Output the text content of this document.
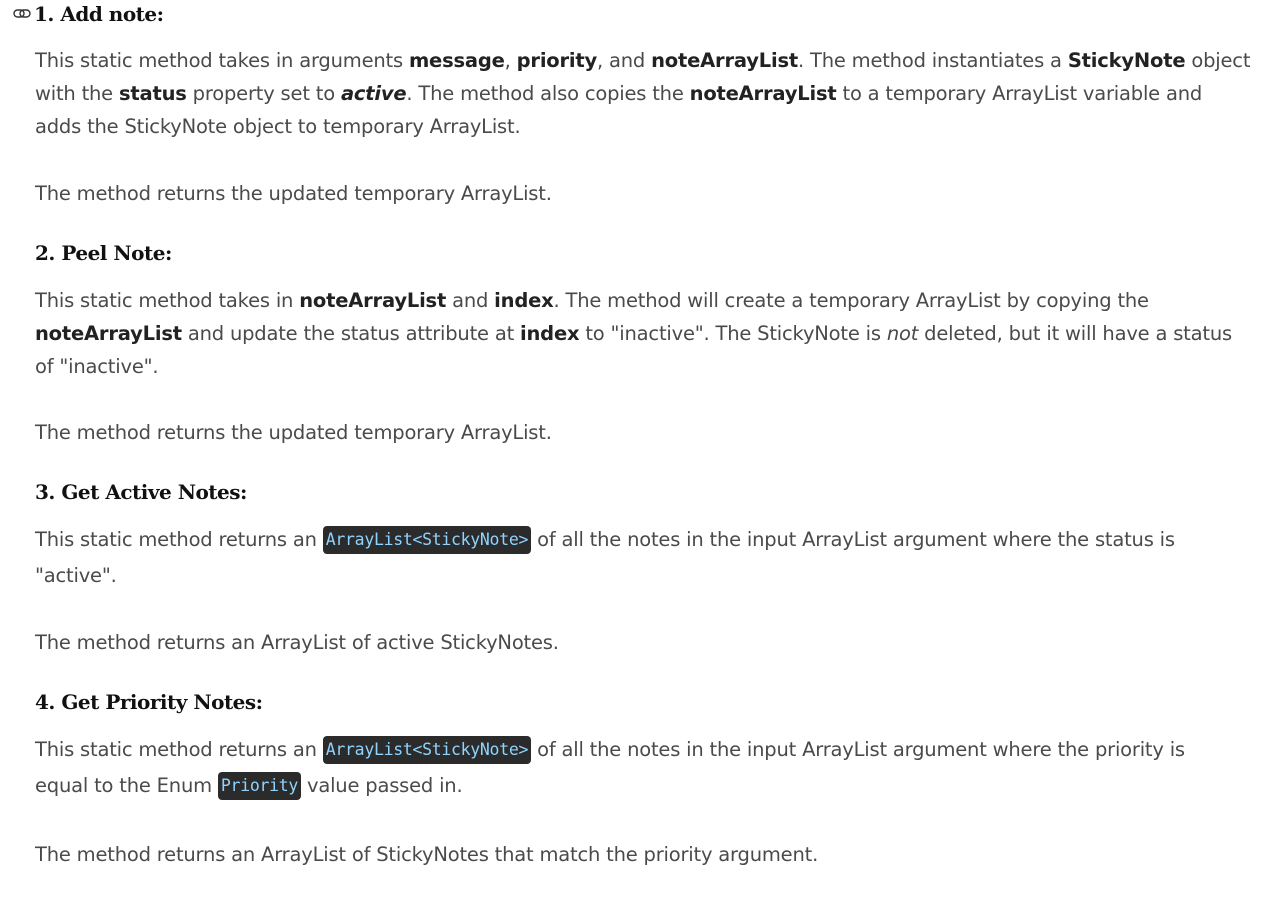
1. Add note:
This static method takes in arguments message, priority, and noteArrayList. The method instantiates a StickyNote object
with the status property set to active. The method also copies the noteArrayList to a temporary ArrayList variable and
adds the StickyNote object to temporary ArrayList.
The method returns the updated temporary ArrayList.
2. Peel Note:
This static method takes in noteArrayList and index. The method will create a temporary ArrayList by copying the
noteArrayList and update the status attribute at index to "inactive". The StickyNote is not deleted, but it will have a status
of "inactive".
The method returns the updated temporary ArrayList.
3. Get Active Notes:
This static method returns an ArrayList<StickyNote> of all the notes in the input ArrayList argument where the status is
"active".
The method returns an ArrayList of active StickyNotes.
4. Get Priority Notes:
This static method returns an ArrayList<StickyNote> of all the notes in the input ArrayList argument where the priority is
equal to the Enum Priority value passed in.
The method returns an ArrayList of StickyNotes that match the priority argument.
